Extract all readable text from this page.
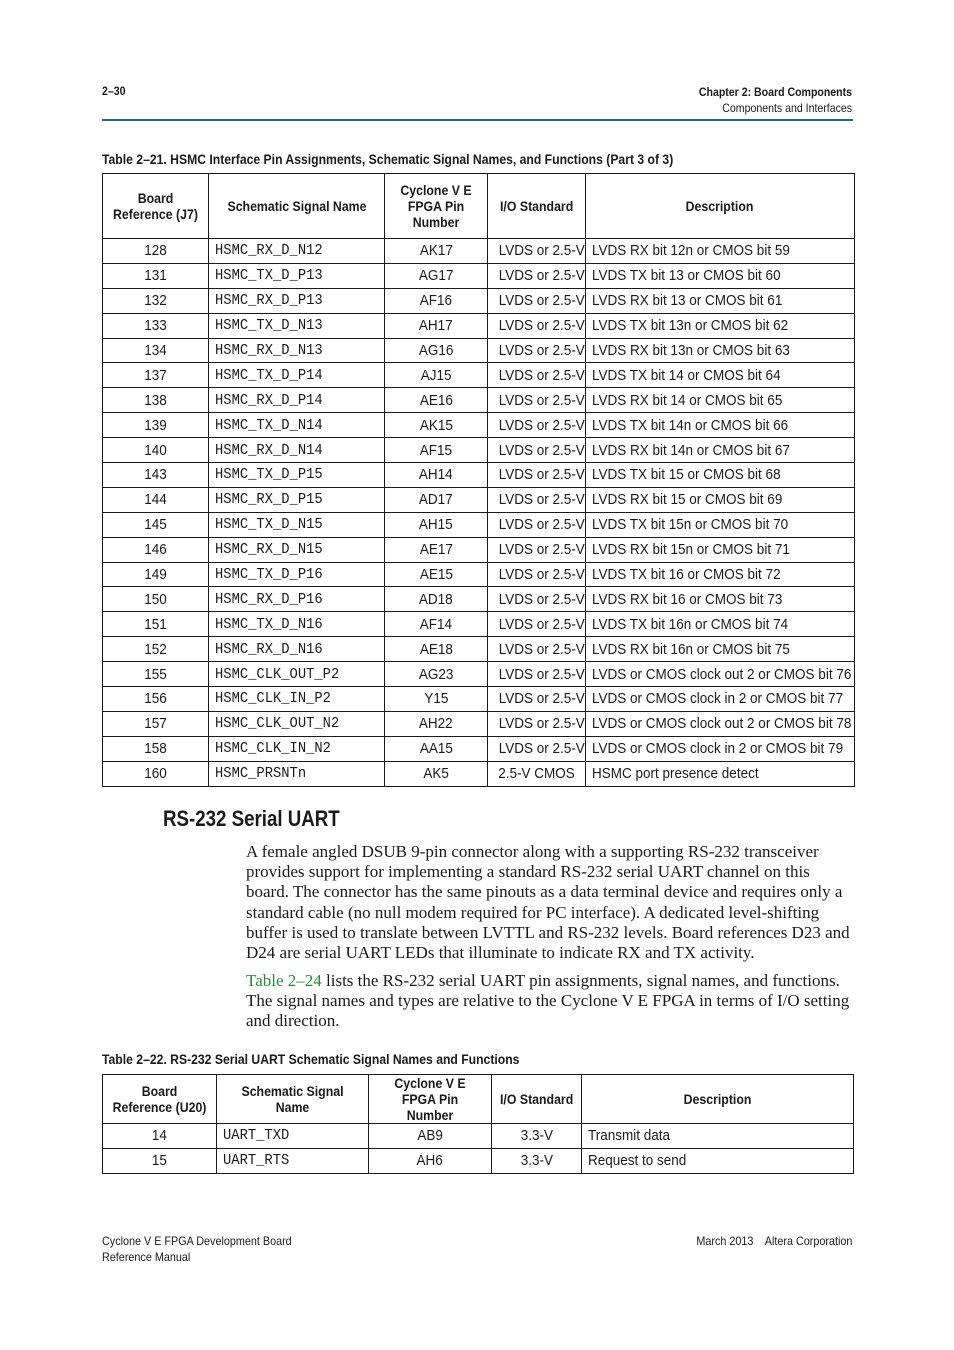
2–30	Chapter 2: Board Components
Components and Interfaces
Table 2–21. HSMC Interface Pin Assignments, Schematic Signal Names, and Functions (Part 3 of 3)
Board Reference (J7)	Schematic Signal Name	Cyclone V E FPGA Pin Number	I/O Standard	Description
128	HSMC_RX_D_N12	AK17	LVDS or 2.5-V	LVDS RX bit 12n or CMOS bit 59
131	HSMC_TX_D_P13	AG17	LVDS or 2.5-V	LVDS TX bit 13 or CMOS bit 60
132	HSMC_RX_D_P13	AF16	LVDS or 2.5-V	LVDS RX bit 13 or CMOS bit 61
133	HSMC_TX_D_N13	AH17	LVDS or 2.5-V	LVDS TX bit 13n or CMOS bit 62
134	HSMC_RX_D_N13	AG16	LVDS or 2.5-V	LVDS RX bit 13n or CMOS bit 63
137	HSMC_TX_D_P14	AJ15	LVDS or 2.5-V	LVDS TX bit 14 or CMOS bit 64
138	HSMC_RX_D_P14	AE16	LVDS or 2.5-V	LVDS RX bit 14 or CMOS bit 65
139	HSMC_TX_D_N14	AK15	LVDS or 2.5-V	LVDS TX bit 14n or CMOS bit 66
140	HSMC_RX_D_N14	AF15	LVDS or 2.5-V	LVDS RX bit 14n or CMOS bit 67
143	HSMC_TX_D_P15	AH14	LVDS or 2.5-V	LVDS TX bit 15 or CMOS bit 68
144	HSMC_RX_D_P15	AD17	LVDS or 2.5-V	LVDS RX bit 15 or CMOS bit 69
145	HSMC_TX_D_N15	AH15	LVDS or 2.5-V	LVDS TX bit 15n or CMOS bit 70
146	HSMC_RX_D_N15	AE17	LVDS or 2.5-V	LVDS RX bit 15n or CMOS bit 71
149	HSMC_TX_D_P16	AE15	LVDS or 2.5-V	LVDS TX bit 16 or CMOS bit 72
150	HSMC_RX_D_P16	AD18	LVDS or 2.5-V	LVDS RX bit 16 or CMOS bit 73
151	HSMC_TX_D_N16	AF14	LVDS or 2.5-V	LVDS TX bit 16n or CMOS bit 74
152	HSMC_RX_D_N16	AE18	LVDS or 2.5-V	LVDS RX bit 16n or CMOS bit 75
155	HSMC_CLK_OUT_P2	AG23	LVDS or 2.5-V	LVDS or CMOS clock out 2 or CMOS bit 76
156	HSMC_CLK_IN_P2	Y15	LVDS or 2.5-V	LVDS or CMOS clock in 2 or CMOS bit 77
157	HSMC_CLK_OUT_N2	AH22	LVDS or 2.5-V	LVDS or CMOS clock out 2 or CMOS bit 78
158	HSMC_CLK_IN_N2	AA15	LVDS or 2.5-V	LVDS or CMOS clock in 2 or CMOS bit 79
160	HSMC_PRSNTn	AK5	2.5-V CMOS	HSMC port presence detect
RS-232 Serial UART

A female angled DSUB 9-pin connector along with a supporting RS-232 transceiver provides support for implementing a standard RS-232 serial UART channel on this board. The connector has the same pinouts as a data terminal device and requires only a standard cable (no null modem required for PC interface). A dedicated level-shifting buffer is used to translate between LVTTL and RS-232 levels. Board references D23 and D24 are serial UART LEDs that illuminate to indicate RX and TX activity.

Table 2–24 lists the RS-232 serial UART pin assignments, signal names, and functions. The signal names and types are relative to the Cyclone V E FPGA in terms of I/O setting and direction.

Table 2–22. RS-232 Serial UART Schematic Signal Names and Functions
Board Reference (U20)	Schematic Signal Name	Cyclone V E FPGA Pin Number	I/O Standard	Description
14	UART_TXD	AB9	3.3-V	Transmit data
15	UART_RTS	AH6	3.3-V	Request to send
Cyclone V E FPGA Development Board
Reference Manual
March 2013    Altera Corporation
